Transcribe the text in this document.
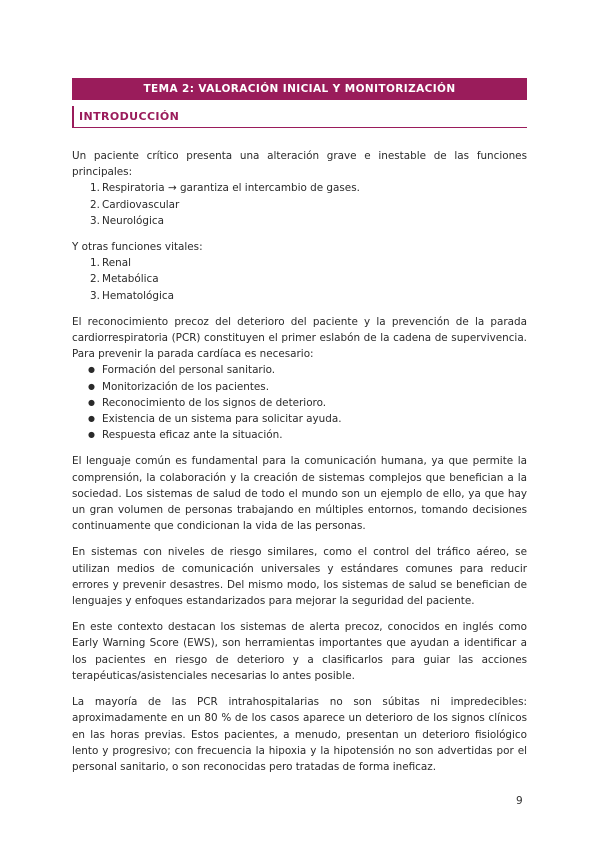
TEMA 2: VALORACIÓN INICIAL Y MONITORIZACIÓN
INTRODUCCIÓN

Un paciente crítico presenta una alteración grave e inestable de las funciones principales:

1. Respiratoria → garantiza el intercambio de gases.
2. Cardiovascular
3. Neurológica

Y otras funciones vitales:

1. Renal
2. Metabólica
3. Hematológica

El reconocimiento precoz del deterioro del paciente y la prevención de la parada cardiorrespiratoria (PCR) constituyen el primer eslabón de la cadena de supervivencia. Para prevenir la parada cardíaca es necesario:

● Formación del personal sanitario.
● Monitorización de los pacientes.
● Reconocimiento de los signos de deterioro.
● Existencia de un sistema para solicitar ayuda.
● Respuesta eficaz ante la situación.

El lenguaje común es fundamental para la comunicación humana, ya que permite la comprensión, la colaboración y la creación de sistemas complejos que benefician a la sociedad. Los sistemas de salud de todo el mundo son un ejemplo de ello, ya que hay un gran volumen de personas trabajando en múltiples entornos, tomando decisiones continuamente que condicionan la vida de las personas.

En sistemas con niveles de riesgo similares, como el control del tráfico aéreo, se utilizan medios de comunicación universales y estándares comunes para reducir errores y prevenir desastres. Del mismo modo, los sistemas de salud se benefician de lenguajes y enfoques estandarizados para mejorar la seguridad del paciente.

En este contexto destacan los sistemas de alerta precoz, conocidos en inglés como Early Warning Score (EWS), son herramientas importantes que ayudan a identificar a los pacientes en riesgo de deterioro y a clasificarlos para guiar las acciones terapéuticas/asistenciales necesarias lo antes posible.

La mayoría de las PCR intrahospitalarias no son súbitas ni impredecibles: aproximadamente en un 80 % de los casos aparece un deterioro de los signos clínicos en las horas previas. Estos pacientes, a menudo, presentan un deterioro fisiológico lento y progresivo; con frecuencia la hipoxia y la hipotensión no son advertidas por el personal sanitario, o son reconocidas pero tratadas de forma ineficaz.

9
